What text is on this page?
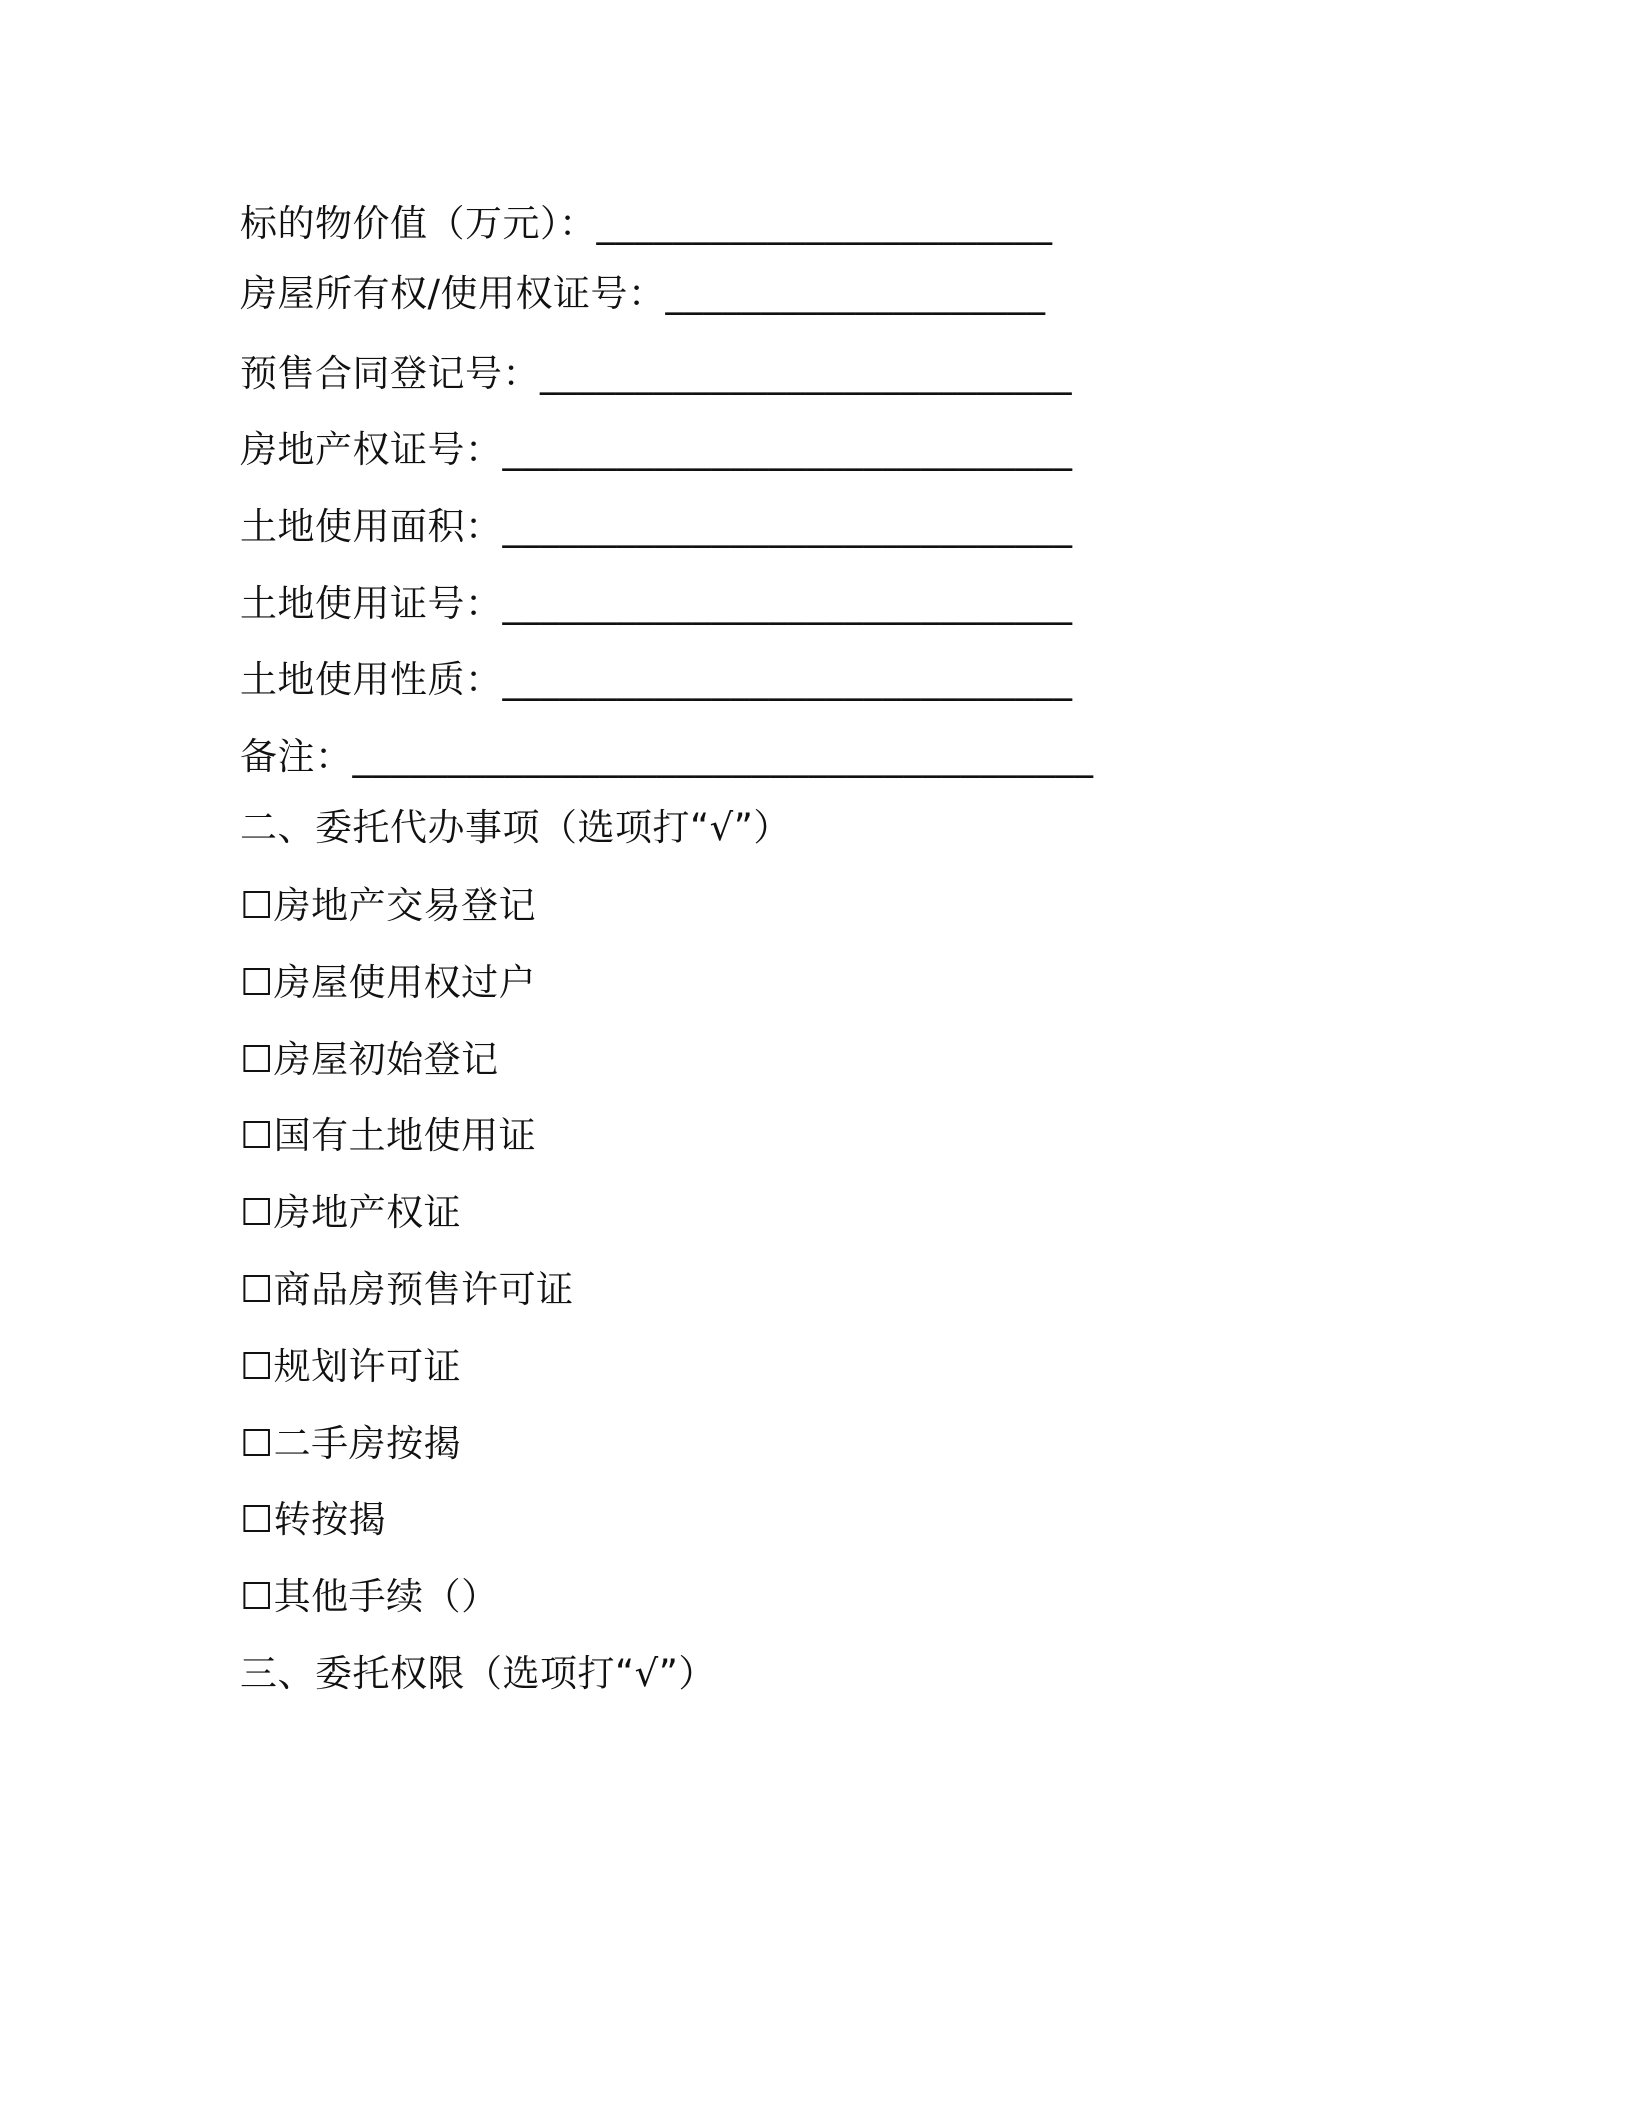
标的物价值（万元）：________________________
房屋所有权/使用权证号：____________________
预售合同登记号：____________________________
房地产权证号：______________________________
土地使用面积：______________________________
土地使用证号：______________________________
土地使用性质：______________________________
备注：_______________________________________
二、委托代办事项（选项打“√”）
☐房地产交易登记
☐房屋使用权过户
☐房屋初始登记
☐国有土地使用证
☐房地产权证
☐商品房预售许可证
☐规划许可证
☐二手房按揭
☐转按揭
☐其他手续（）
三、委托权限（选项打“√”）
